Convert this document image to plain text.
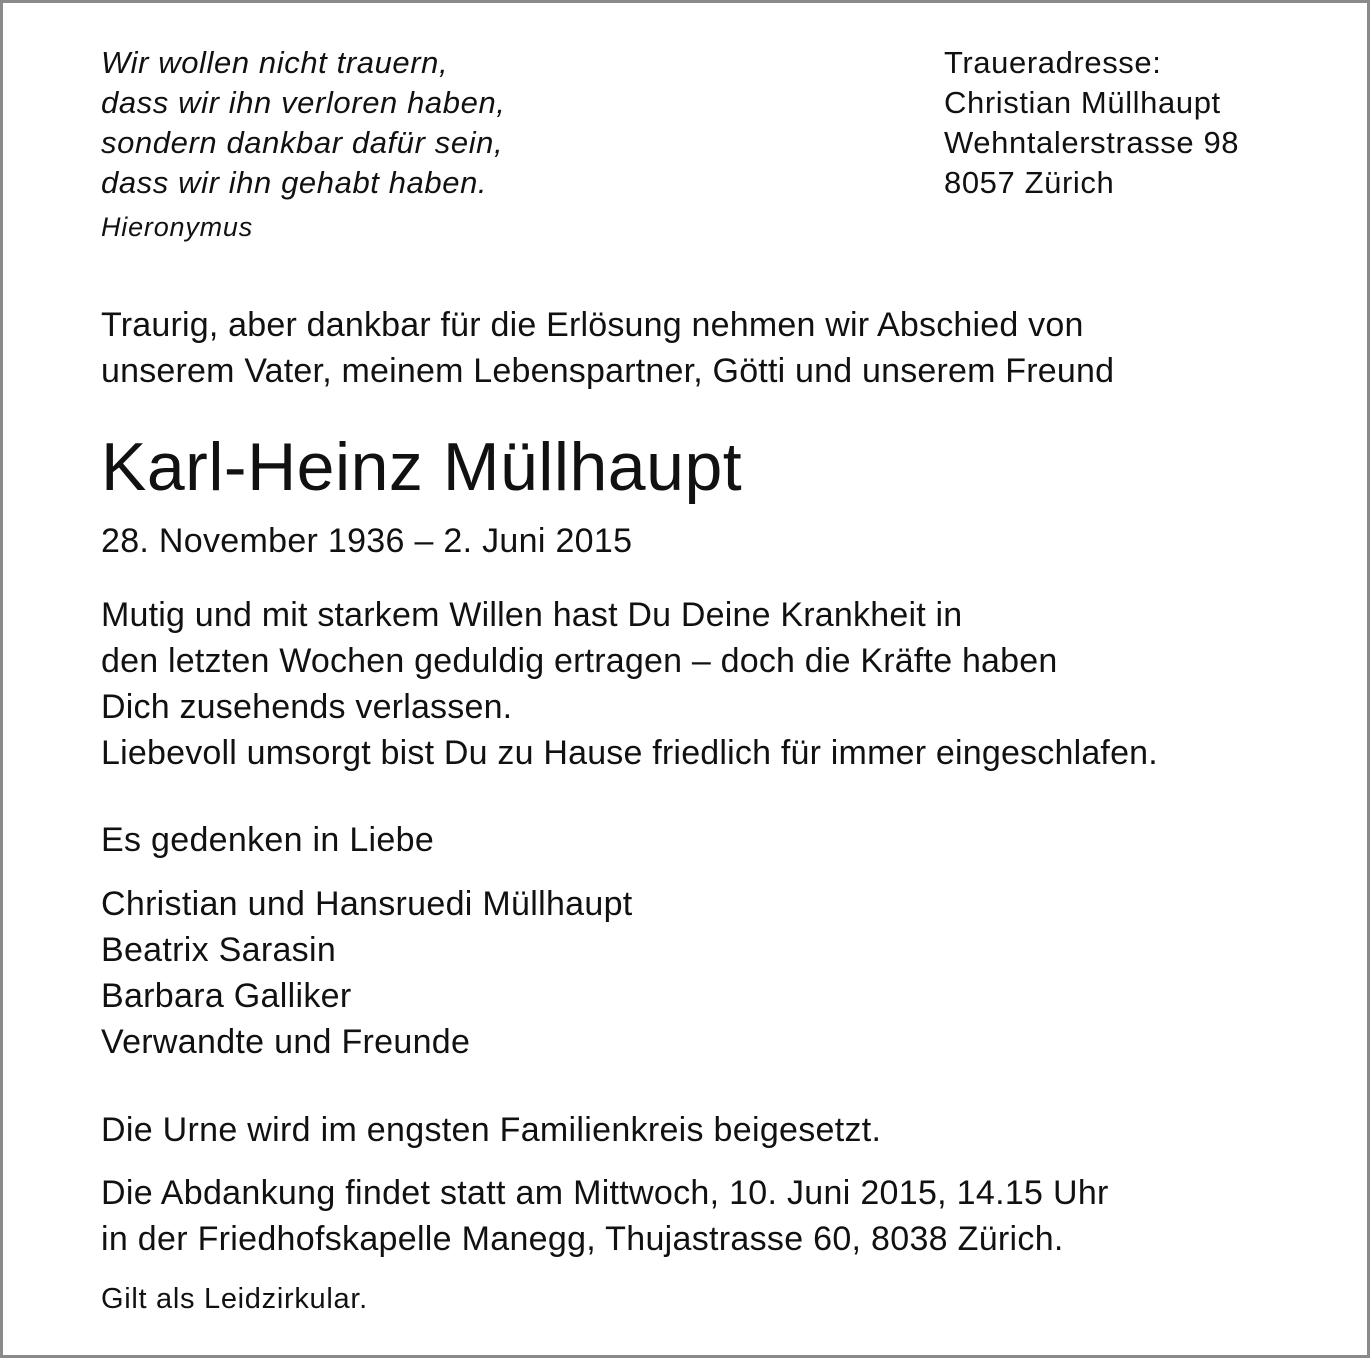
Wir wollen nicht trauern,
dass wir ihn verloren haben,
sondern dankbar dafür sein,
dass wir ihn gehabt haben.
Hieronymus
Traueradresse:
Christian Müllhaupt
Wehntalerstrasse 98
8057 Zürich
Traurig, aber dankbar für die Erlösung nehmen wir Abschied von
unserem Vater, meinem Lebenspartner, Götti und unserem Freund
Karl-Heinz Müllhaupt
28. November 1936 – 2. Juni 2015
Mutig und mit starkem Willen hast Du Deine Krankheit in
den letzten Wochen geduldig ertragen – doch die Kräfte haben
Dich zusehends verlassen.
Liebevoll umsorgt bist Du zu Hause friedlich für immer eingeschlafen.
Es gedenken in Liebe
Christian und Hansruedi Müllhaupt
Beatrix Sarasin
Barbara Galliker
Verwandte und Freunde
Die Urne wird im engsten Familienkreis beigesetzt.
Die Abdankung findet statt am Mittwoch, 10. Juni 2015, 14.15 Uhr
in der Friedhofskapelle Manegg, Thujastrasse 60, 8038 Zürich.
Gilt als Leidzirkular.
